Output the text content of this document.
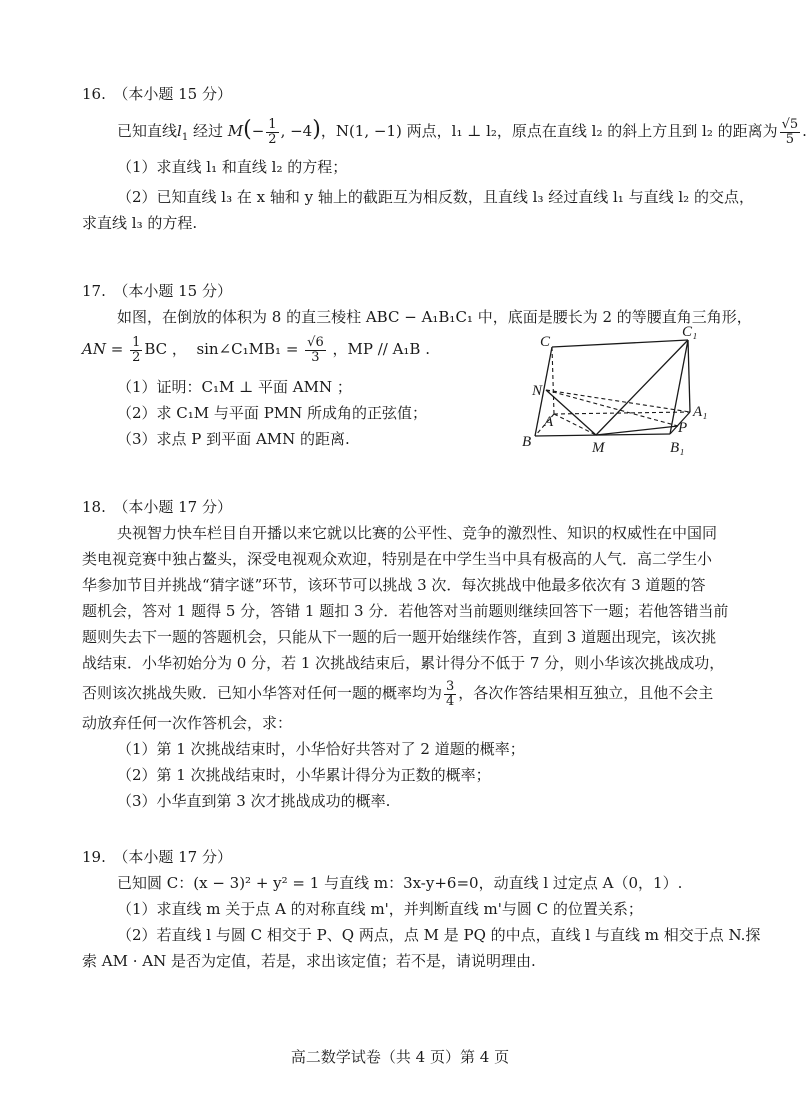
16.　（本小题 15 分）
已知直线$l_1$ 经过 $M(- \frac{1}{2}$ , −4)，N(1, −1) 两点，l₁ ⊥ l₂，原点在直线 l₂ 的斜上方且到 l₂ 的距离为 $\frac{√5}{5}$ .
（1）求直线 l₁ 和直线 l₂ 的方程；
（2）已知直线 l₃ 在 x 轴和 y 轴上的截距互为相反数，且直线 l₃ 经过直线 l₁ 与直线 l₂ 的交点，
求直线 l₃ 的方程.
17.　（本小题 15 分）
如图，在倒放的体积为 8 的直三棱柱 ABC − A₁B₁C₁ 中，底面是腰长为 2 的等腰直角三角形，
AN = $\frac{1}{2}$ BC ， sin∠C₁MB₁ = $\frac{√6}{3}$ ，MP // A₁B .
（1）证明：C₁M ⊥ 平面 AMN ；
（2）求 C₁M 与平面 PMN 所成角的正弦值；
（3）求点 P 到平面 AMN 的距离.
C
C₁
N
A
A₁
P
B	M	B₁
18.　（本小题 17 分）
央视智力快车栏目自开播以来它就以比赛的公平性、竞争的激烈性、知识的权威性在中国同
类电视竞赛中独占鳌头，深受电视观众欢迎，特别是在中学生当中具有极高的人气．高二学生小
华参加节目并挑战“猜字谜”环节，该环节可以挑战 3 次．每次挑战中他最多依次有 3 道题的答
题机会，答对 1 题得 5 分，答错 1 题扣 3 分．若他答对当前题则继续回答下一题；若他答错当前
题则失去下一题的答题机会，只能从下一题的后一题开始继续作答，直到 3 道题出现完，该次挑
战结束．小华初始分为 0 分，若 1 次挑战结束后，累计得分不低于 7 分，则小华该次挑战成功，
否则该次挑战失败．已知小华答对任何一题的概率均为 $\frac{3}{4}$ ，各次作答结果相互独立，且他不会主
动放弃任何一次作答机会，求：
（1）第 1 次挑战结束时，小华恰好共答对了 2 道题的概率；
（2）第 1 次挑战结束时，小华累计得分为正数的概率；
（3）小华直到第 3 次才挑战成功的概率.
19.　（本小题 17 分）
已知圆 C：(x − 3)² + y² = 1 与直线 m：3x-y+6=0，动直线 l 过定点 A（0，1）.
（1）求直线 m 关于点 A 的对称直线 m'，并判断直线 m'与圆 C 的位置关系；
（2）若直线 l 与圆 C 相交于 P、Q 两点，点 M 是 PQ 的中点，直线 l 与直线 m 相交于点 N.探
索 AM · AN 是否为定值，若是，求出该定值；若不是，请说明理由.
高二数学试卷（共 4 页）第 4 页
